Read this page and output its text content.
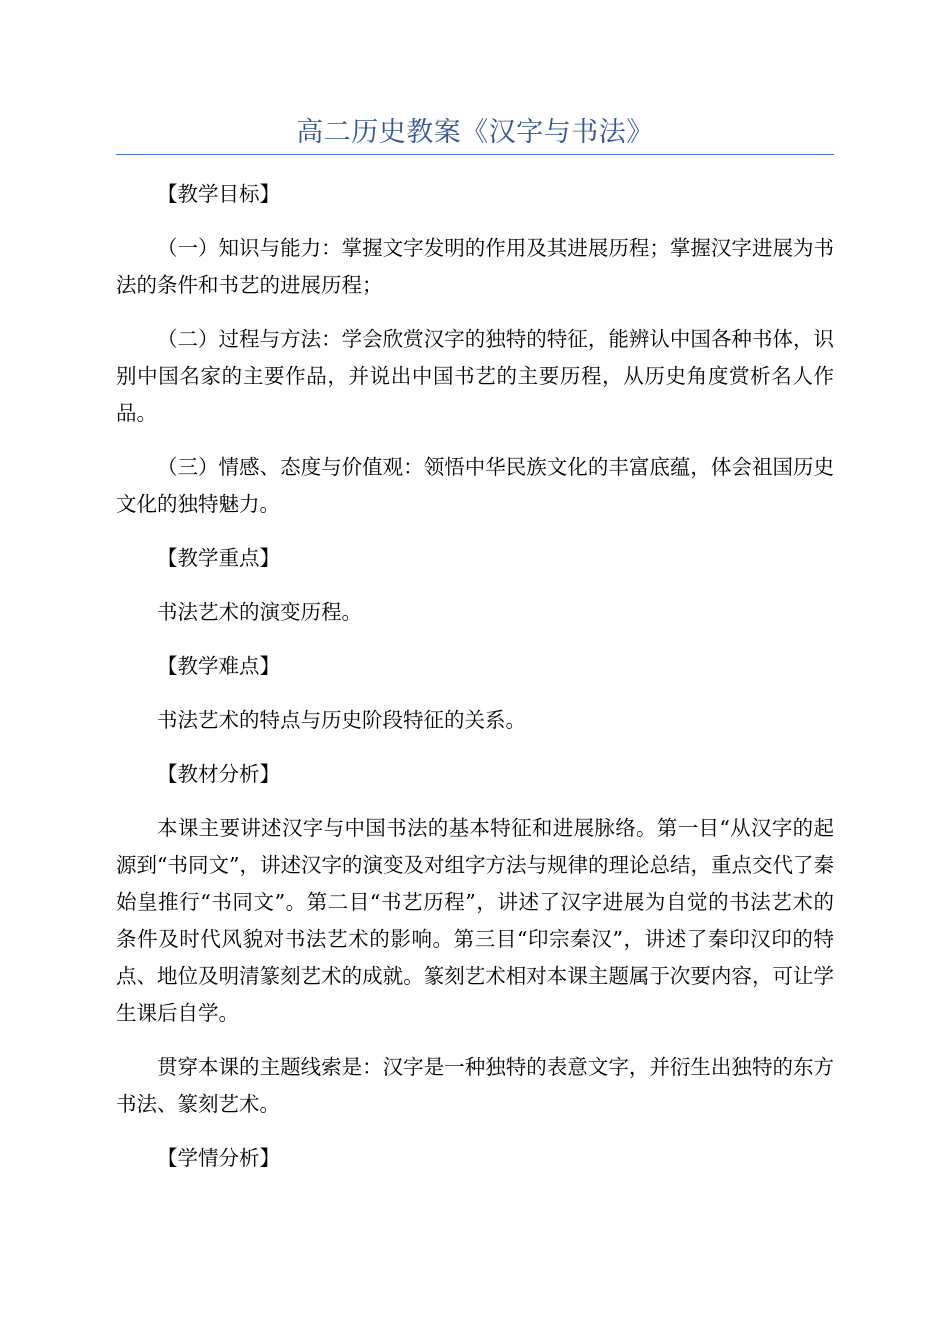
高二历史教案《汉字与书法》
【教学目标】

（一）知识与能力：掌握文字发明的作用及其进展历程；掌握汉字进展为书法的条件和书艺的进展历程；

（二）过程与方法：学会欣赏汉字的独特的特征，能辨认中国各种书体，识别中国名家的主要作品，并说出中国书艺的主要历程，从历史角度赏析名人作品。

（三）情感、态度与价值观：领悟中华民族文化的丰富底蕴，体会祖国历史文化的独特魅力。

【教学重点】

书法艺术的演变历程。

【教学难点】

书法艺术的特点与历史阶段特征的关系。

【教材分析】

本课主要讲述汉字与中国书法的基本特征和进展脉络。第一目“从汉字的起源到“书同文”，讲述汉字的演变及对组字方法与规律的理论总结，重点交代了秦始皇推行“书同文”。第二目“书艺历程”，讲述了汉字进展为自觉的书法艺术的条件及时代风貌对书法艺术的影响。第三目“印宗秦汉”，讲述了秦印汉印的特点、地位及明清篆刻艺术的成就。篆刻艺术相对本课主题属于次要内容，可让学生课后自学。

贯穿本课的主题线索是：汉字是一种独特的表意文字，并衍生出独特的东方书法、篆刻艺术。

【学情分析】
